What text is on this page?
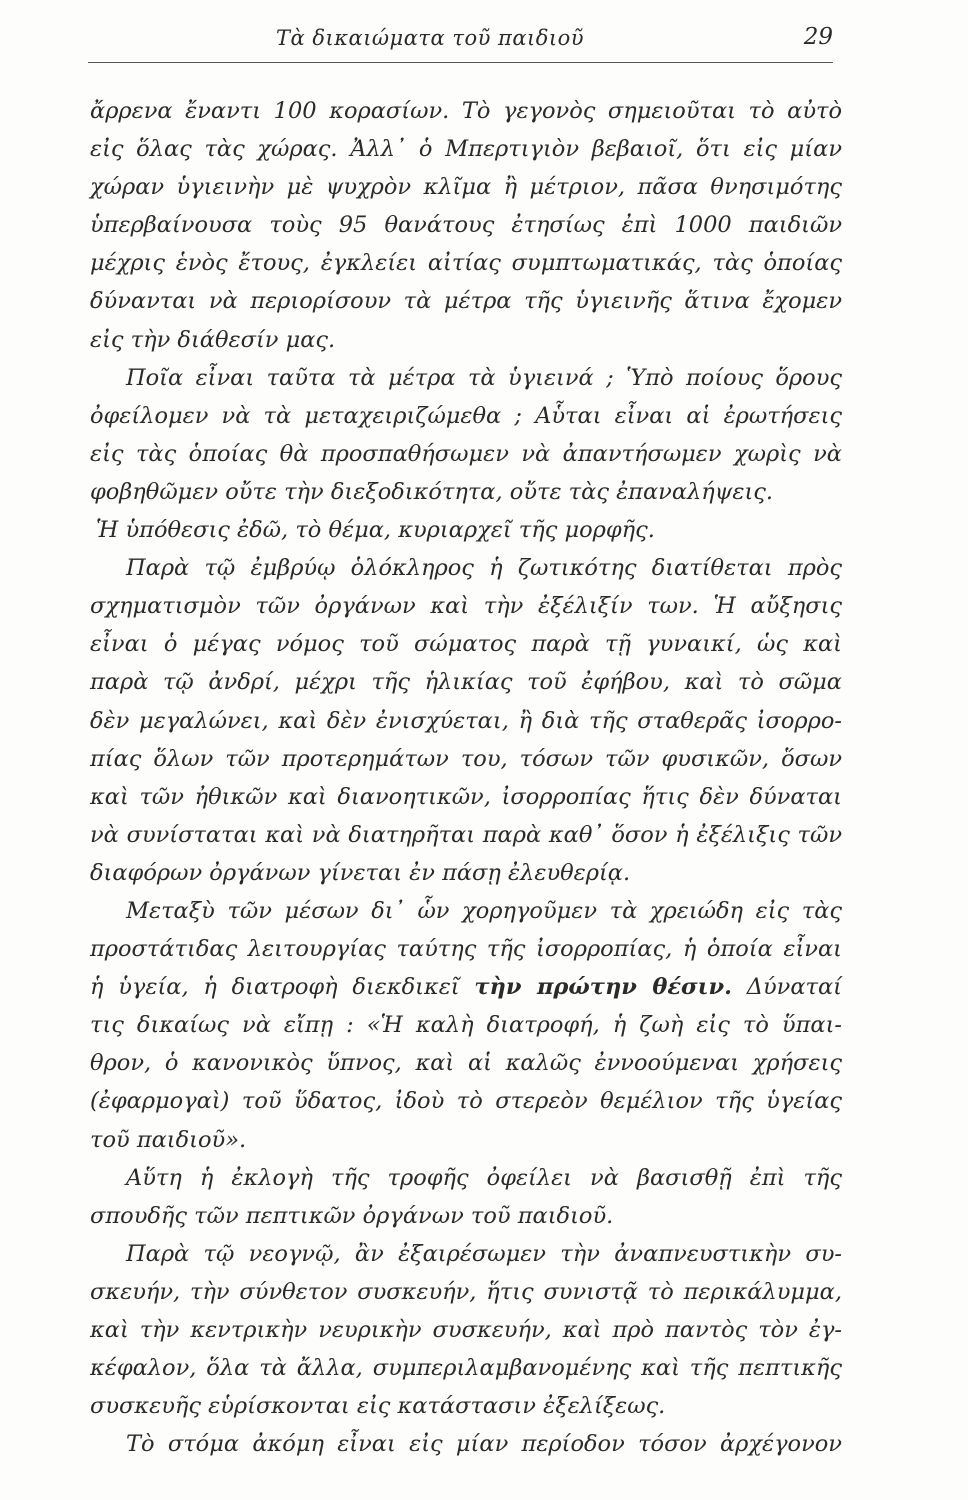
Τὰ δικαιώματα τοῦ παιδιοῦ	29
ἄρρενα ἔναντι 100 κορασίων. Τὸ γεγονὸς σημειοῦται τὸ αὐτὸ
εἰς ὅλας τὰς χώρας. Ἀλλ᾽ ὁ Μπερτιγιὸν βεβαιοῖ, ὅτι εἰς μίαν
χώραν ὑγιεινὴν μὲ ψυχρὸν κλῖμα ἢ μέτριον, πᾶσα θνησιμότης
ὑπερβαίνουσα τοὺς 95 θανάτους ἐτησίως ἐπὶ 1000 παιδιῶν
μέχρις ἑνὸς ἔτους, ἐγκλείει αἰτίας συμπτωματικάς, τὰς ὁποίας
δύνανται νὰ περιορίσουν τὰ μέτρα τῆς ὑγιεινῆς ἅτινα ἔχομεν
εἰς τὴν διάθεσίν μας.
Ποῖα εἶναι ταῦτα τὰ μέτρα τὰ ὑγιεινά ; Ὑπὸ ποίους ὅρους
ὀφείλομεν νὰ τὰ μεταχειριζώμεθα ; Αὗται εἶναι αἱ ἐρωτήσεις
εἰς τὰς ὁποίας θὰ προσπαθήσωμεν νὰ ἀπαντήσωμεν χωρὶς νὰ
φοβηθῶμεν οὔτε τὴν διεξοδικότητα, οὔτε τὰς ἐπαναλήψεις.
Ἡ ὑπόθεσις ἐδῶ, τὸ θέμα, κυριαρχεῖ τῆς μορφῆς.
Παρὰ τῷ ἐμβρύῳ ὁλόκληρος ἡ ζωτικότης διατίθεται πρὸς
σχηματισμὸν τῶν ὀργάνων καὶ τὴν ἐξέλιξίν των. Ἡ αὔξησις
εἶναι ὁ μέγας νόμος τοῦ σώματος παρὰ τῇ γυναικί, ὡς καὶ
παρὰ τῷ ἀνδρί, μέχρι τῆς ἡλικίας τοῦ ἐφήβου, καὶ τὸ σῶμα
δὲν μεγαλώνει, καὶ δὲν ἐνισχύεται, ἢ διὰ τῆς σταθερᾶς ἰσορρο-
πίας ὅλων τῶν προτερημάτων του, τόσων τῶν φυσικῶν, ὅσων
καὶ τῶν ἠθικῶν καὶ διανοητικῶν, ἰσορροπίας ἥτις δὲν δύναται
νὰ συνίσταται καὶ νὰ διατηρῆται παρὰ καθ᾽ ὅσον ἡ ἐξέλιξις τῶν
διαφόρων ὀργάνων γίνεται ἐν πάσῃ ἐλευθερίᾳ.
Μεταξὺ τῶν μέσων δι᾽ ὧν χορηγοῦμεν τὰ χρειώδη εἰς τὰς
προστάτιδας λειτουργίας ταύτης τῆς ἰσορροπίας, ἡ ὁποία εἶναι
ἡ ὑγεία, ἡ διατροφὴ διεκδικεῖ τὴν πρώτην θέσιν. Δύναταί
τις δικαίως νὰ εἴπῃ : «Ἡ καλὴ διατροφή, ἡ ζωὴ εἰς τὸ ὕπαι-
θρον, ὁ κανονικὸς ὕπνος, καὶ αἱ καλῶς ἐννοούμεναι χρήσεις
(ἐφαρμογαὶ) τοῦ ὕδατος, ἰδοὺ τὸ στερεὸν θεμέλιον τῆς ὑγείας
τοῦ παιδιοῦ».
Αὕτη ἡ ἐκλογὴ τῆς τροφῆς ὀφείλει νὰ βασισθῇ ἐπὶ τῆς
σπουδῆς τῶν πεπτικῶν ὀργάνων τοῦ παιδιοῦ.
Παρὰ τῷ νεογνῷ, ἂν ἐξαιρέσωμεν τὴν ἀναπνευστικὴν συ-
σκευήν, τὴν σύνθετον συσκευήν, ἥτις συνιστᾷ τὸ περικάλυμμα,
καὶ τὴν κεντρικὴν νευρικὴν συσκευήν, καὶ πρὸ παντὸς τὸν ἐγ-
κέφαλον, ὅλα τὰ ἄλλα, συμπεριλαμβανομένης καὶ τῆς πεπτικῆς
συσκευῆς εὑρίσκονται εἰς κατάστασιν ἐξελίξεως.
Τὸ στόμα ἀκόμη εἶναι εἰς μίαν περίοδον τόσον ἀρχέγονον
